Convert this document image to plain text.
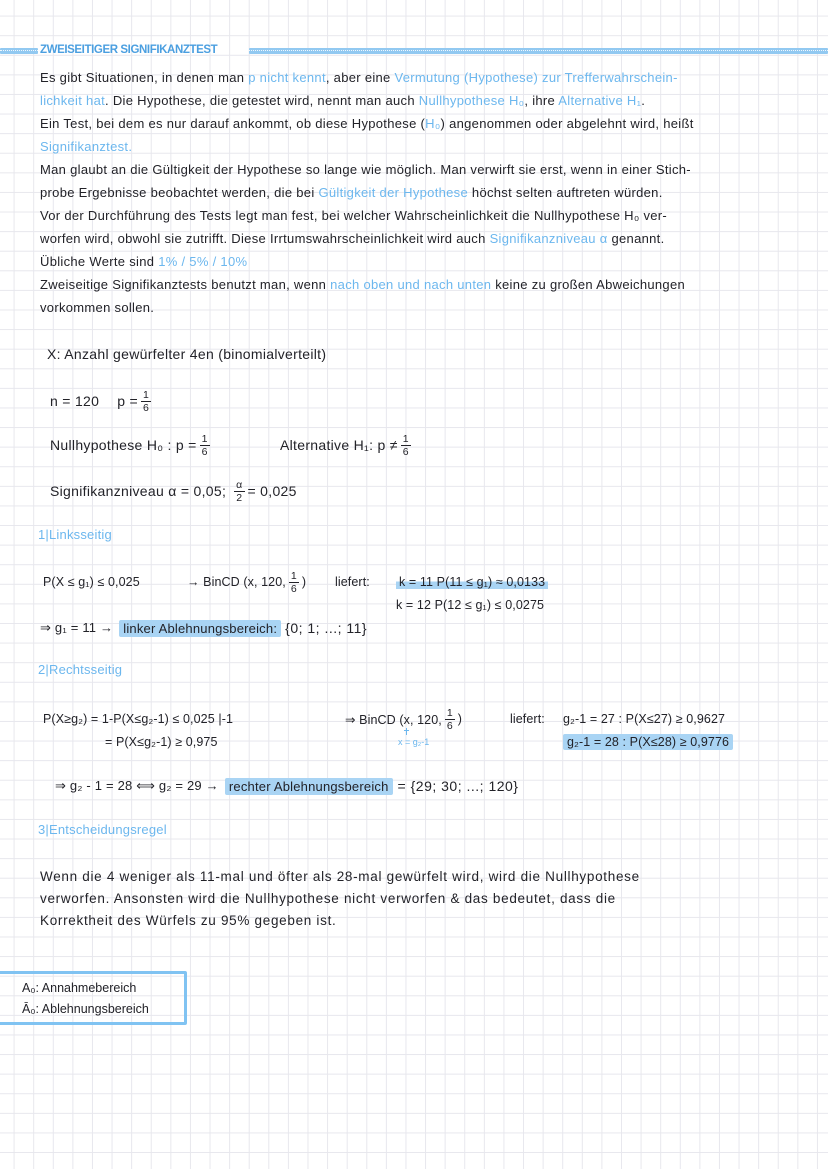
ZWEISEITIGER SIGNIFIKANZTEST
Es gibt Situationen, in denen man p nicht kennt, aber eine Vermutung (Hypothese) zur Trefferwahrschein-
lichkeit hat. Die Hypothese, die getestet wird, nennt man auch Nullhypothese H₀, ihre Alternative H₁.
Ein Test, bei dem es nur darauf ankommt, ob diese Hypothese (H₀) angenommen oder abgelehnt wird, heißt
Signifikanztest.
Man glaubt an die Gültigkeit der Hypothese so lange wie möglich. Man verwirft sie erst, wenn in einer Stich-
probe Ergebnisse beobachtet werden, die bei Gültigkeit der Hypothese höchst selten auftreten würden.
Vor der Durchführung des Tests legt man fest, bei welcher Wahrscheinlichkeit die Nullhypothese H₀ ver-
worfen wird, obwohl sie zutrifft. Diese Irrtumswahrscheinlichkeit wird auch Signifikanzniveau α genannt.
Übliche Werte sind 1% / 5% / 10%
Zweiseitige Signifikanztests benutzt man, wenn nach oben und nach unten keine zu großen Abweichungen
vorkommen sollen.
X: Anzahl gewürfelter 4en (binomialverteilt)
n = 120 $p = \frac{1}{6}$
Nullhypothese H₀ : $p = \frac{1}{6}$	Alternative H₁: $p \ne \frac{1}{6}$
Signifikanzniveau α = 0,05; $\frac{\alpha}{2} = 0,025$
1|Linksseitig
P(X ≤ g₁) ≤ 0,025	→ BinCD (x, 120, $\frac{1}{6}$ ) liefert: k = 11 P(11 ≤ g₁) ≈ 0,0133
k = 12 P(12 ≤ g₁) ≤ 0,0275
⇒ g₁ = 11 → linker Ablehnungsbereich: {0; 1; ...; 11}
2|Rechtsseitig
P(X≥g₂) = 1-P(X≤g₂-1) ≤ 0,025 |-1	⇒ BinCD (x, 120, $\frac{1}{6}$ )	liefert: g₂-1 = 27 : P(X≤27) ≥ 0,9627
= P(X≤g₂-1) ≥ 0,975	x = g₂-1	g₂-1 = 28 : P(X≤28) ≥ 0,9776
⇒ g₂ - 1 = 28 ⟺ g₂ = 29 → rechter Ablehnungsbereich = {29; 30; ...; 120}
3|Entscheidungsregel
Wenn die 4 weniger als 11-mal und öfter als 28-mal gewürfelt wird, wird die Nullhypothese
verworfen. Ansonsten wird die Nullhypothese nicht verworfen & das bedeutet, dass die
Korrektheit des Würfels zu 95% gegeben ist.
A₀: Annahmebereich
Ā₀: Ablehnungsbereich
